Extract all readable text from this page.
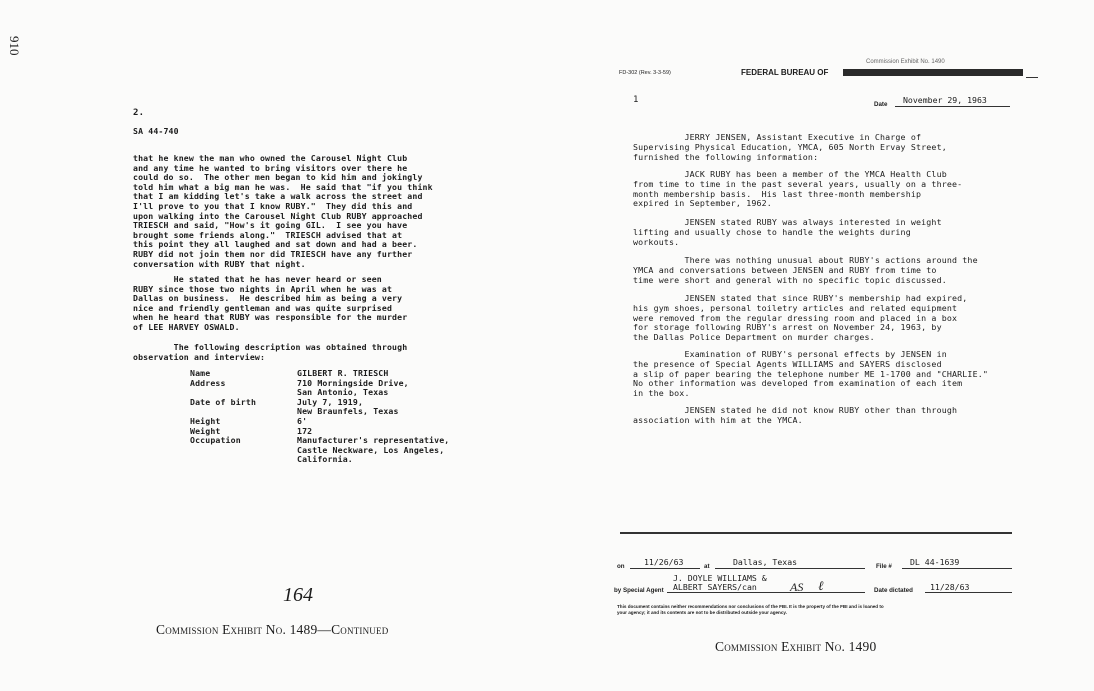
910
2.
SA 44-740
that he knew the man who owned the Carousel Night Club
and any time he wanted to bring visitors over there he
could do so.  The other men began to kid him and jokingly
told him what a big man he was.  He said that "if you think
that I am kidding let's take a walk across the street and
I'll prove to you that I know RUBY."  They did this and
upon walking into the Carousel Night Club RUBY approached
TRIESCH and said, "How's it going GIL.  I see you have
brought some friends along."  TRIESCH advised that at
this point they all laughed and sat down and had a beer.
RUBY did not join them nor did TRIESCH have any further
conversation with RUBY that night.
He stated that he has never heard or seen
RUBY since those two nights in April when he was at
Dallas on business.  He described him as being a very
nice and friendly gentleman and was quite surprised
when he heard that RUBY was responsible for the murder
of LEE HARVEY OSWALD.
The following description was obtained through
observation and interview:
Name	GILBERT R. TRIESCH
Address	710 Morningside Drive,
San Antonio, Texas
Date of birth	July 7, 1919,
New Braunfels, Texas
Height	6'
Weight	172
Occupation	Manufacturer's representative,
Castle Neckware, Los Angeles,
California.
164
Commission Exhibit No. 1489—Continued
FD-302 (Rev. 3-3-59)	FEDERAL BUREAU OF
Commission Exhibit No. 1490
1	Date November 29, 1963
JERRY JENSEN, Assistant Executive in Charge of
Supervising Physical Education, YMCA, 605 North Ervay Street,
furnished the following information:
JACK RUBY has been a member of the YMCA Health Club
from time to time in the past several years, usually on a three-
month membership basis.  His last three-month membership
expired in September, 1962.
JENSEN stated RUBY was always interested in weight
lifting and usually chose to handle the weights during
workouts.
There was nothing unusual about RUBY's actions around the
YMCA and conversations between JENSEN and RUBY from time to
time were short and general with no specific topic discussed.
JENSEN stated that since RUBY's membership had expired,
his gym shoes, personal toiletry articles and related equipment
were removed from the regular dressing room and placed in a box
for storage following RUBY's arrest on November 24, 1963, by
the Dallas Police Department on murder charges.
Examination of RUBY's personal effects by JENSEN in
the presence of Special Agents WILLIAMS and SAYERS disclosed
a slip of paper bearing the telephone number ME 1-1700 and "CHARLIE."
No other information was developed from examination of each item
in the box.
JENSEN stated he did not know RUBY other than through
association with him at the YMCA.
on 11/26/63	at	Dallas, Texas	File # DL 44-1639
J. DOYLE WILLIAMS &
by Special Agent ALBERT SAYERS/can	ℓ
AS	Date dictated 11/28/63
This document contains neither recommendations nor conclusions of the FBI. It is the property of the FBI and is loaned to
your agency; it and its contents are not to be distributed outside your agency.
Commission Exhibit No. 1490
